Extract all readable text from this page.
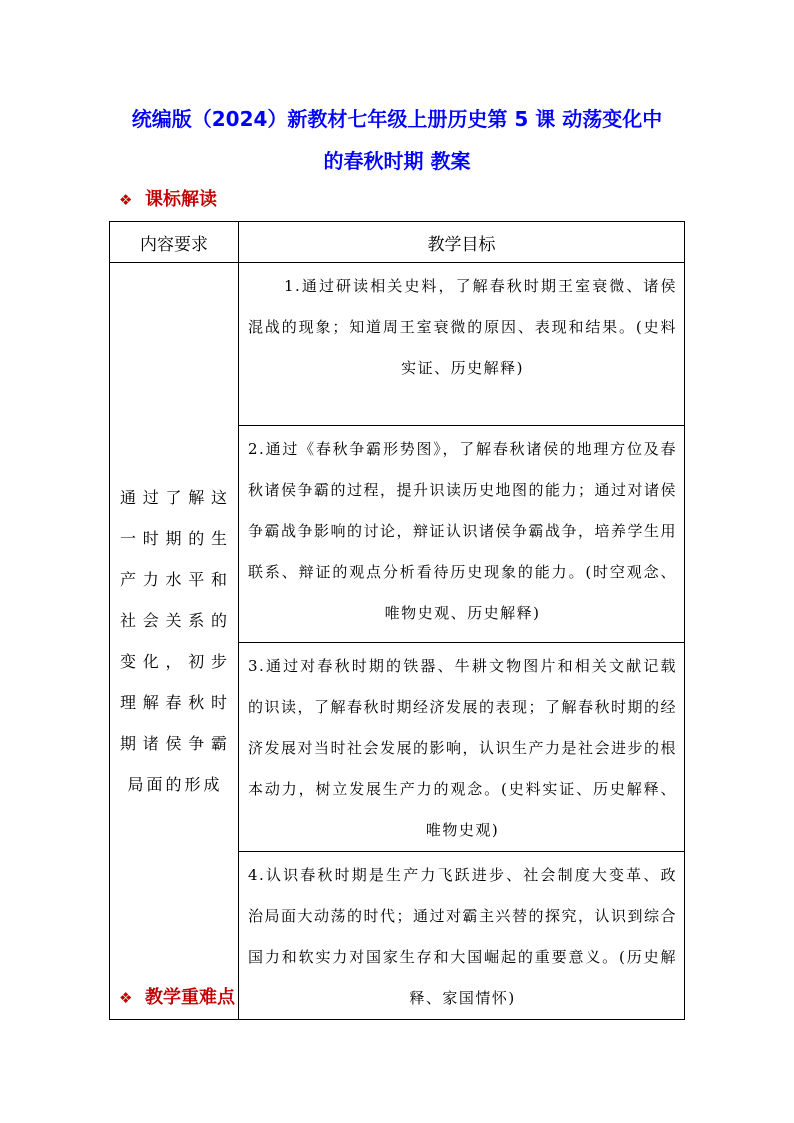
统编版（2024）新教材七年级上册历史第 5 课 动荡变化中
的春秋时期 教案
❖ 课标解读
内容要求	教学目标

通过了解这一时期的生产力水平和社会关系的变化，初步理解春秋时期诸侯争霸局面的形成	1.通过研读相关史料，了解春秋时期王室衰微、诸侯混战的现象；知道周王室衰微的原因、表现和结果。(史料实证、历史解释)

	2.通过《春秋争霸形势图》，了解春秋诸侯的地理方位及春秋诸侯争霸的过程，提升识读历史地图的能力；通过对诸侯争霸战争影响的讨论，辩证认识诸侯争霸战争，培养学生用联系、辩证的观点分析看待历史现象的能力。(时空观念、唯物史观、历史解释)

	3.通过对春秋时期的铁器、牛耕文物图片和相关文献记载的识读，了解春秋时期经济发展的表现；了解春秋时期的经济发展对当时社会发展的影响，认识生产力是社会进步的根本动力，树立发展生产力的观念。(史料实证、历史解释、唯物史观)

	4.认识春秋时期是生产力飞跃进步、社会制度大变革、政治局面大动荡的时代；通过对霸主兴替的探究，认识到综合国力和软实力对国家生存和大国崛起的重要意义。(历史解释、家国情怀)
❖ 教学重难点
